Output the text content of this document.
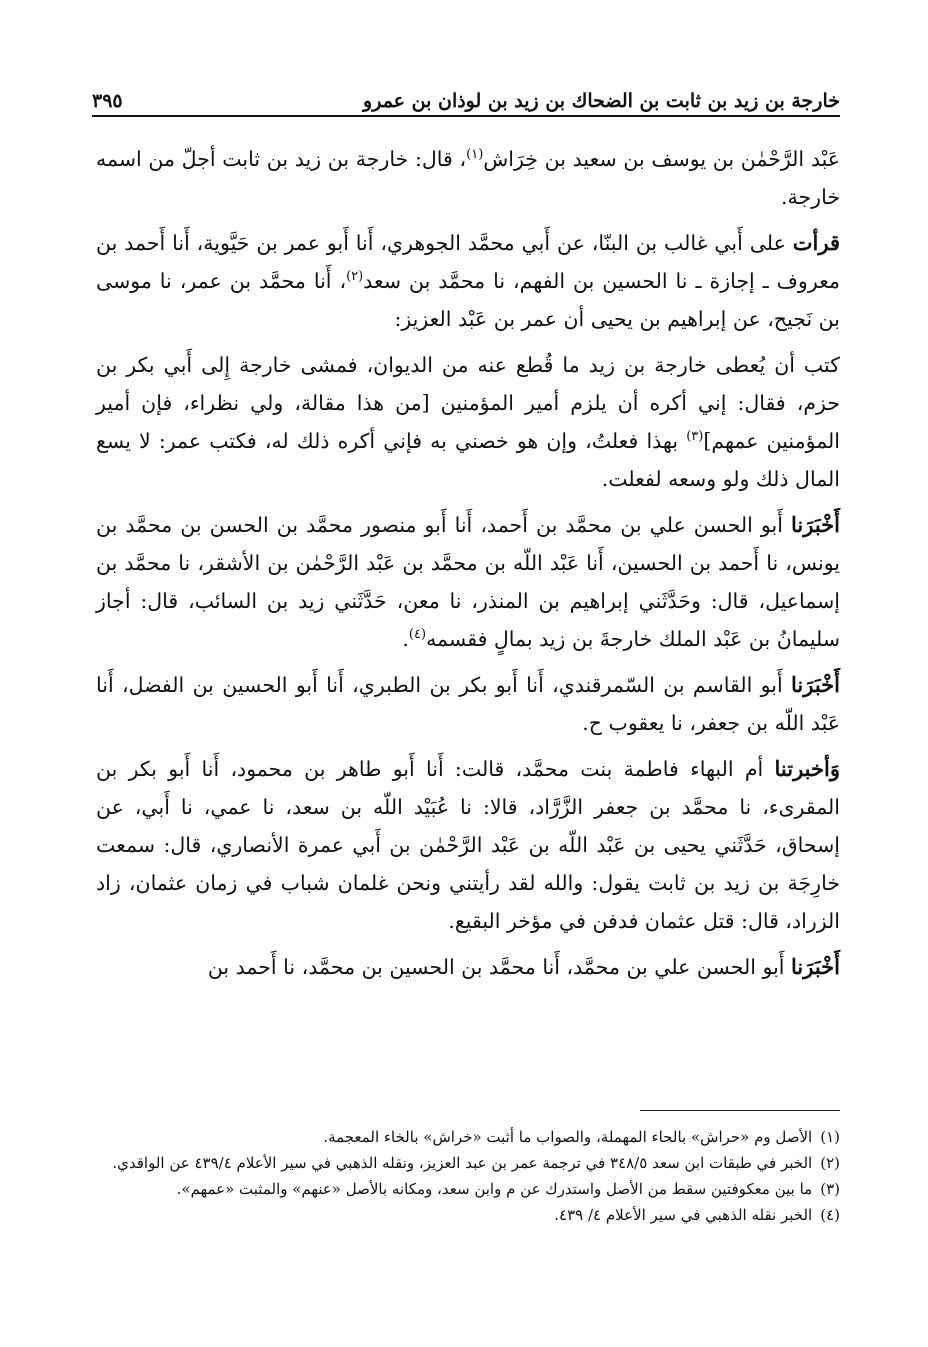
خارجة بن زيد بن ثابت بن الضحاك بن زيد بن لوذان بن عمرو
٣٩٥
عَبْد الرَّحْمٰن بن يوسف بن سعيد بن خِرَاش$^{(١)}$، قال: خارجة بن زيد بن ثابت أجلّ من اسمه خارجة.
قرأت على أَبي غالب بن البنّا، عن أَبي محمَّد الجوهري، أَنا أَبو عمر بن حَيَّوية، أَنا أَحمد بن معروف ـ إجازة ـ نا الحسين بن الفهم، نا محمَّد بن سعد$^{(٢)}$، أَنا محمَّد بن عمر، نا موسى بن نَجيح، عن إبراهيم بن يحيى أن عمر بن عَبْد العزيز:
كتب أن يُعطى خارجة بن زيد ما قُطع عنه من الديوان، فمشى خارجة إِلى أَبي بكر بن حزم، فقال: إني أكره أن يلزم أمير المؤمنين [من هذا مقالة، ولي نظراء، فإن أمير المؤمنين عمهم]$^{(٣)}$ بهذا فعلتُ، وإن هو خصني به فإني أكره ذلك له، فكتب عمر: لا يسع المال ذلك ولو وسعه لفعلت.
أَخْبَرَنا أَبو الحسن علي بن محمَّد بن أَحمد، أَنا أَبو منصور محمَّد بن الحسن بن محمَّد بن يونس، نا أَحمد بن الحسين، أَنا عَبْد اللّه بن محمَّد بن عَبْد الرَّحْمٰن بن الأشقر، نا محمَّد بن إسماعيل، قال: وحَدَّثَني إبراهيم بن المنذر، نا معن، حَدَّثَني زيد بن السائب، قال: أجاز سليمانُ بن عَبْد الملك خارجةَ بن زيد بمالٍ فقسمه$^{(٤)}$.
أَخْبَرَنا أَبو القاسم بن السّمرقندي، أَنا أَبو بكر بن الطبري، أَنا أَبو الحسين بن الفضل، أَنا عَبْد اللّه بن جعفر، نا يعقوب ح.
وَأخبرتنا أم البهاء فاطمة بنت محمَّد، قالت: أَنا أَبو طاهر بن محمود، أَنا أَبو بكر بن المقرىء، نا محمَّد بن جعفر الزَّرَّاد، قالا: نا عُبَيْد اللّه بن سعد، نا عمي، نا أَبي، عن إسحاق، حَدَّثَني يحيى بن عَبْد اللّه بن عَبْد الرَّحْمٰن بن أَبي عمرة الأنصاري، قال: سمعت خارِجَة بن زيد بن ثابت يقول: والله لقد رأيتني ونحن غلمان شباب في زمان عثمان، زاد الزراد، قال: قتل عثمان فدفن في مؤخر البقيع.
أَخْبَرَنا أَبو الحسن علي بن محمَّد، أَنا محمَّد بن الحسين بن محمَّد، نا أَحمد بن
(١)
الأصل وم «حراش» بالحاء المهملة، والصواب ما أثبت «خراش» بالخاء المعجمة.
(٢)
الخبر في طبقات ابن سعد ٣٤٨/٥ في ترجمة عمر بن عبد العزيز، ونقله الذهبي في سير الأعلام ٤٣٩/٤ عن الواقدي.
(٣)
ما بين معكوفتين سقط من الأصل واستدرك عن م وابن سعد، ومكانه بالأصل «عنهم» والمثبت «عمهم».
(٤)
الخبر نقله الذهبي في سير الأعلام ٤/ ٤٣٩.
